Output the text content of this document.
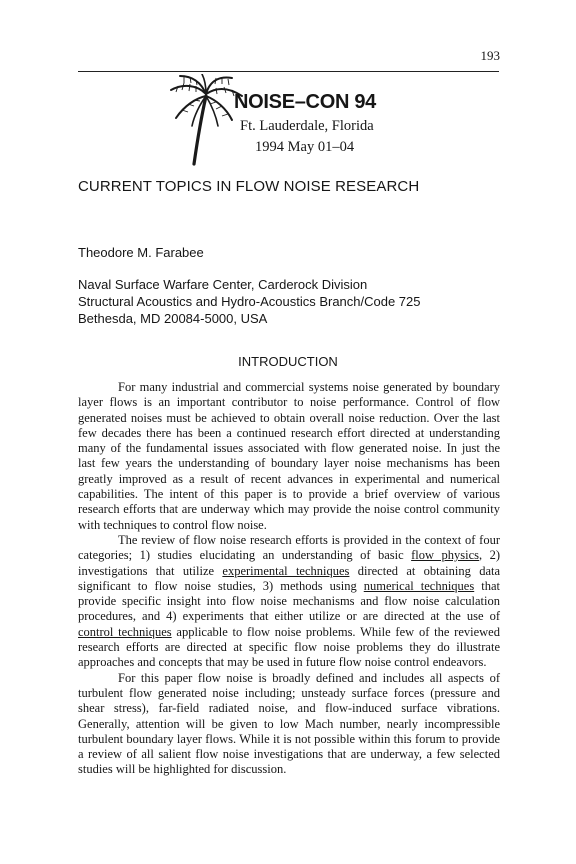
193
NOISE–CON 94
Ft. Lauderdale, Florida
1994 May 01–04
CURRENT TOPICS IN FLOW NOISE RESEARCH
Theodore M. Farabee
Naval Surface Warfare Center, Carderock Division
Structural Acoustics and Hydro-Acoustics Branch/Code 725
Bethesda, MD 20084-5000, USA
INTRODUCTION

For many industrial and commercial systems noise generated by boundary layer flows is an important contributor to noise performance. Control of flow generated noises must be achieved to obtain overall noise reduction. Over the last few decades there has been a continued research effort directed at understanding many of the fundamental issues associated with flow generated noise. In just the last few years the understanding of boundary layer noise mechanisms has been greatly improved as a result of recent advances in experimental and numerical capabilities. The intent of this paper is to provide a brief overview of various research efforts that are underway which may provide the noise control community with techniques to control flow noise.

The review of flow noise research efforts is provided in the context of four categories; 1) studies elucidating an understanding of basic flow physics, 2) investigations that utilize experimental techniques directed at obtaining data significant to flow noise studies, 3) methods using numerical techniques that provide specific insight into flow noise mechanisms and flow noise calculation procedures, and 4) experiments that either utilize or are directed at the use of control techniques applicable to flow noise problems. While few of the reviewed research efforts are directed at specific flow noise problems they do illustrate approaches and concepts that may be used in future flow noise control endeavors.

For this paper flow noise is broadly defined and includes all aspects of turbulent flow generated noise including; unsteady surface forces (pressure and shear stress), far-field radiated noise, and flow-induced surface vibrations. Generally, attention will be given to low Mach number, nearly incompressible turbulent boundary layer flows. While it is not possible within this forum to provide a review of all salient flow noise investigations that are underway, a few selected studies will be highlighted for discussion.
